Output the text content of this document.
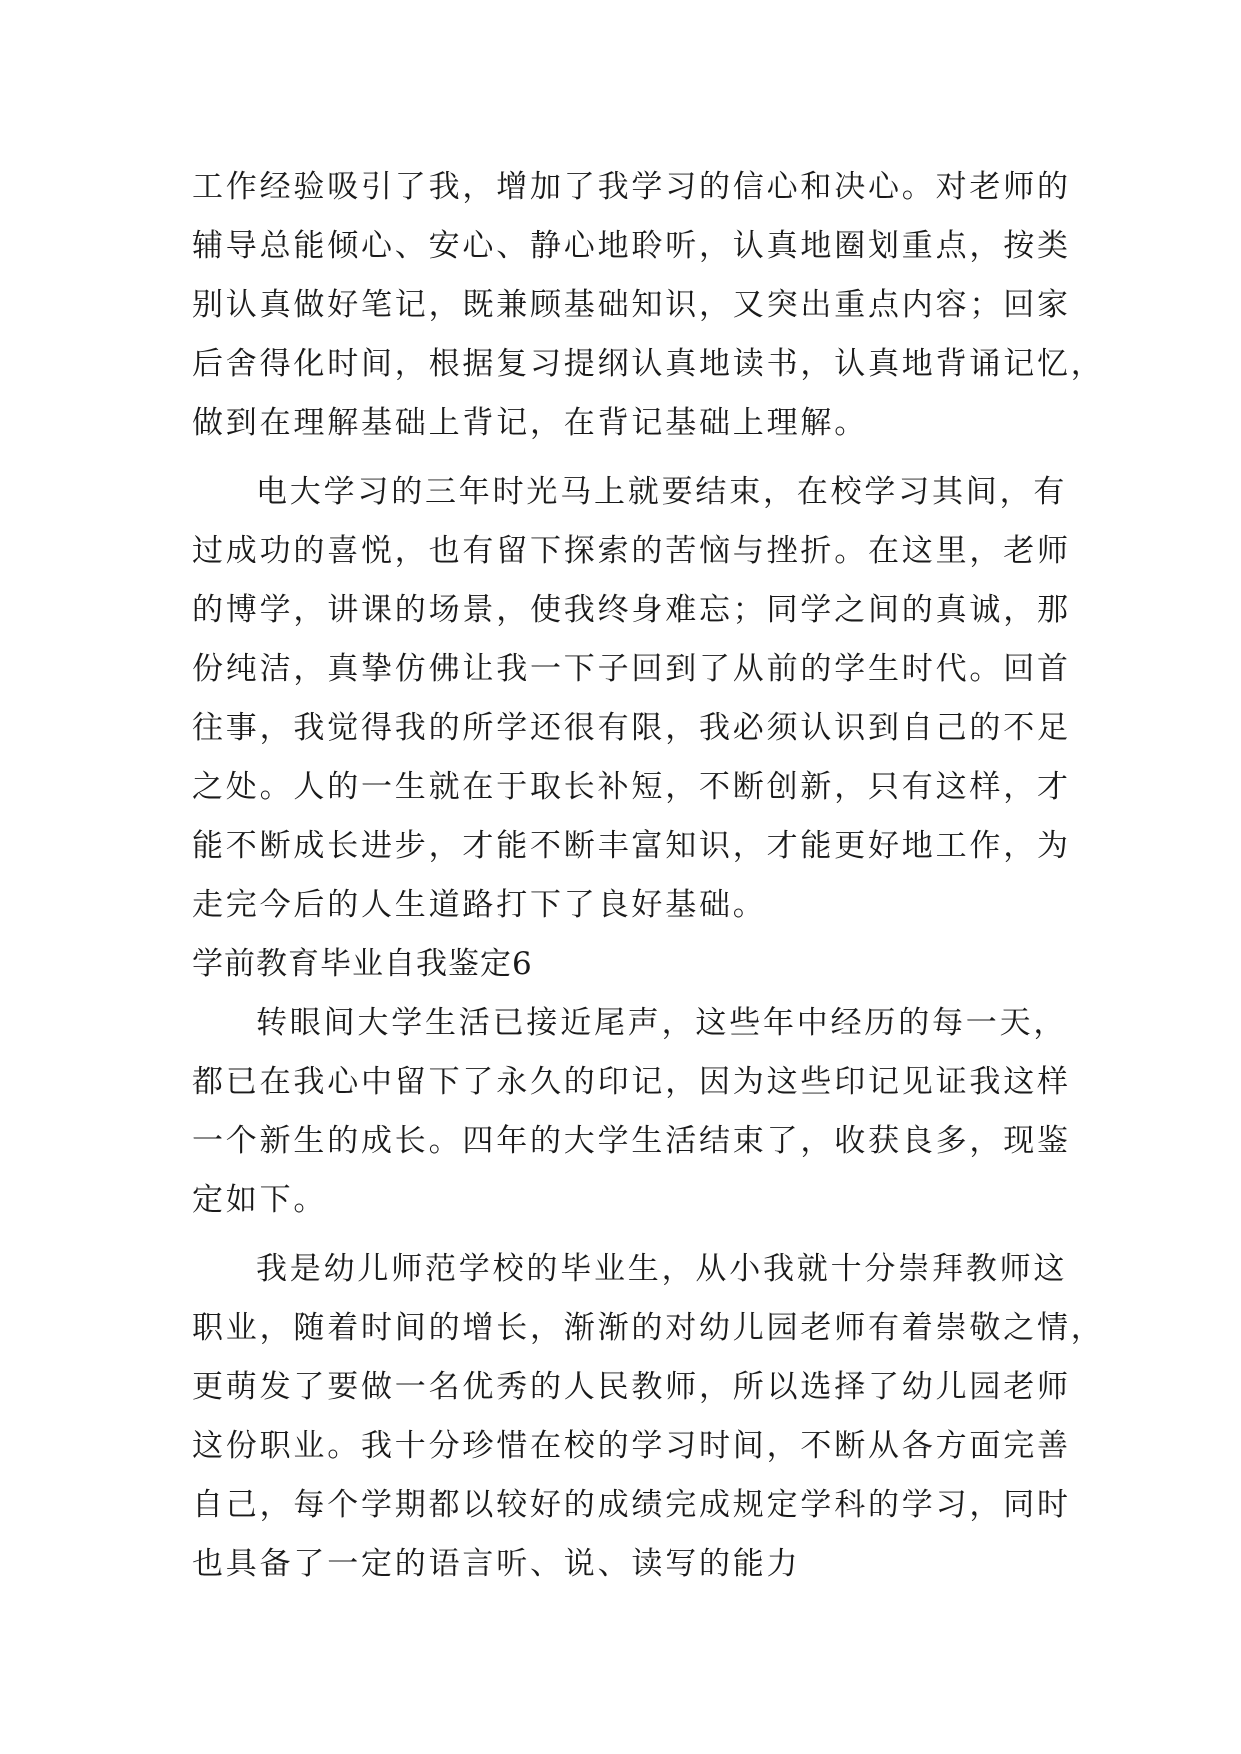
工作经验吸引了我，增加了我学习的信心和决心。对老师的
辅导总能倾心、安心、静心地聆听，认真地圈划重点，按类
别认真做好笔记，既兼顾基础知识，又突出重点内容；回家
后舍得化时间，根据复习提纲认真地读书，认真地背诵记忆，
做到在理解基础上背记，在背记基础上理解。
电大学习的三年时光马上就要结束，在校学习其间，有
过成功的喜悦，也有留下探索的苦恼与挫折。在这里，老师
的博学，讲课的场景，使我终身难忘；同学之间的真诚，那
份纯洁，真挚仿佛让我一下子回到了从前的学生时代。回首
往事，我觉得我的所学还很有限，我必须认识到自己的不足
之处。人的一生就在于取长补短，不断创新，只有这样，才
能不断成长进步，才能不断丰富知识，才能更好地工作，为
走完今后的人生道路打下了良好基础。
学前教育毕业自我鉴定6
转眼间大学生活已接近尾声，这些年中经历的每一天，
都已在我心中留下了永久的印记，因为这些印记见证我这样
一个新生的成长。四年的大学生活结束了，收获良多，现鉴
定如下。
我是幼儿师范学校的毕业生，从小我就十分崇拜教师这
职业，随着时间的增长，渐渐的对幼儿园老师有着崇敬之情，
更萌发了要做一名优秀的人民教师，所以选择了幼儿园老师
这份职业。我十分珍惜在校的学习时间，不断从各方面完善
自己，每个学期都以较好的成绩完成规定学科的学习，同时
也具备了一定的语言听、说、读写的能力
